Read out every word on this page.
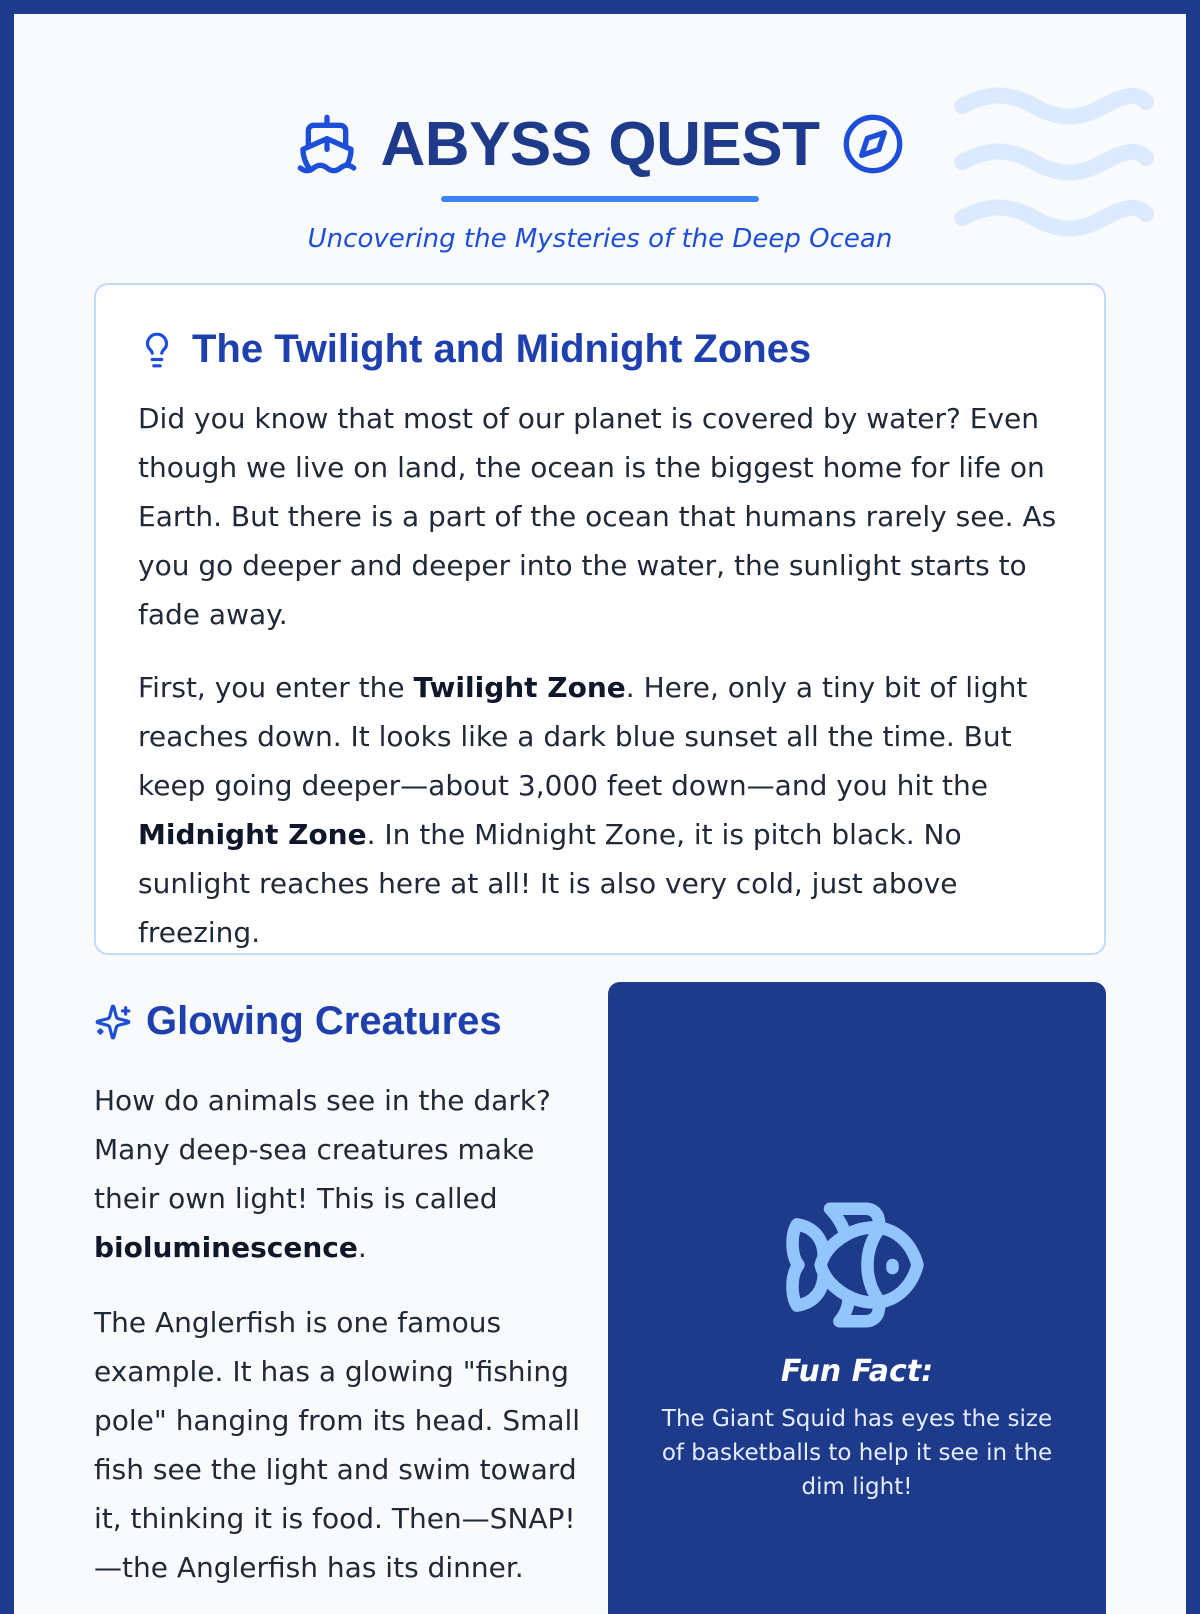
ABYSS QUEST
Uncovering the Mysteries of the Deep Ocean
The Twilight and Midnight Zones

Did you know that most of our planet is covered by water? Even though we live on land, the ocean is the biggest home for life on Earth. But there is a part of the ocean that humans rarely see. As you go deeper and deeper into the water, the sunlight starts to fade away.

First, you enter the Twilight Zone. Here, only a tiny bit of light reaches down. It looks like a dark blue sunset all the time. But keep going deeper—about 3,000 feet down—and you hit the Midnight Zone. In the Midnight Zone, it is pitch black. No sunlight reaches here at all! It is also very cold, just above freezing.

Glowing Creatures

How do animals see in the dark? Many deep-sea creatures make their own light! This is called bioluminescence.

The Anglerfish is one famous example. It has a glowing "fishing pole" hanging from its head. Small fish see the light and swim toward it, thinking it is food. Then—SNAP!—the Anglerfish has its dinner.

Fun Fact:
The Giant Squid has eyes the size of basketballs to help it see in the dim light!
